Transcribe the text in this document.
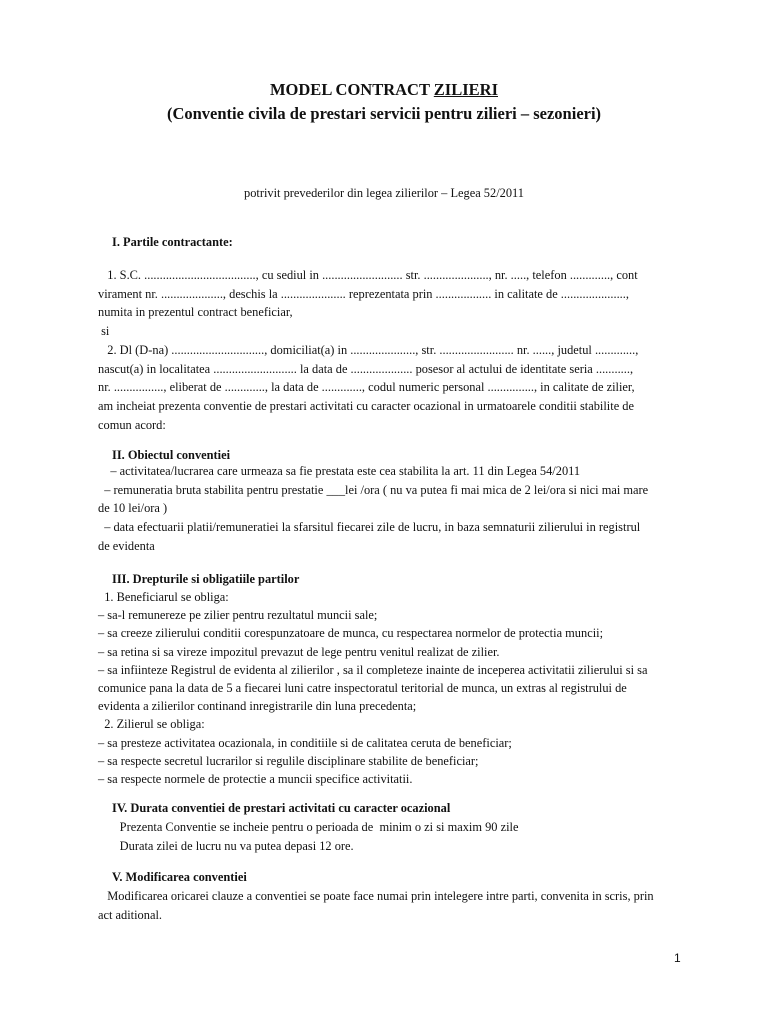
MODEL CONTRACT ZILIERI
(Conventie civila de prestari servicii pentru zilieri – sezonieri)
potrivit prevederilor din legea zilierilor – Legea 52/2011
I. Partile contractante:
1. S.C. ...................................., cu sediul in .......................... str. ....................., nr. ....., telefon ............., cont
virament nr. ...................., deschis la ..................... reprezentata prin .................. in calitate de .....................,
numita in prezentul contract beneficiar,
si
2. Dl (D-na) .............................., domiciliat(a) in ....................., str. ........................ nr. ......, judetul .............,
nascut(a) in localitatea ........................... la data de .................... posesor al actului de identitate seria ...........,
nr. ................, eliberat de ............., la data de ............., codul numeric personal ..............., in calitate de zilier,
am incheiat prezenta conventie de prestari activitati cu caracter ocazional in urmatoarele conditii stabilite de
comun acord:
II. Obiectul conventiei
– activitatea/lucrarea care urmeaza sa fie prestata este cea stabilita la art. 11 din Legea 54/2011
– remuneratia bruta stabilita pentru prestatie ___lei /ora ( nu va putea fi mai mica de 2 lei/ora si nici mai mare
de 10 lei/ora )
– data efectuarii platii/remuneratiei la sfarsitul fiecarei zile de lucru, in baza semnaturii zilierului in registrul
de evidenta
III. Drepturile si obligatiile partilor
1. Beneficiarul se obliga:
– sa-l remunereze pe zilier pentru rezultatul muncii sale;
– sa creeze zilierului conditii corespunzatoare de munca, cu respectarea normelor de protectia muncii;
– sa retina si sa vireze impozitul prevazut de lege pentru venitul realizat de zilier.
– sa infiinteze Registrul de evidenta al zilierilor , sa il completeze inainte de inceperea activitatii zilierului si sa
comunice pana la data de 5 a fiecarei luni catre inspectoratul teritorial de munca, un extras al registrului de
evidenta a zilierilor continand inregistrarile din luna precedenta;
2. Zilierul se obliga:
– sa presteze activitatea ocazionala, in conditiile si de calitatea ceruta de beneficiar;
– sa respecte secretul lucrarilor si regulile disciplinare stabilite de beneficiar;
– sa respecte normele de protectie a muncii specifice activitatii.
IV. Durata conventiei de prestari activitati cu caracter ocazional
Prezenta Conventie se incheie pentru o perioada de  minim o zi si maxim 90 zile
Durata zilei de lucru nu va putea depasi 12 ore.
V. Modificarea conventiei
Modificarea oricarei clauze a conventiei se poate face numai prin intelegere intre parti, convenita in scris, prin
act aditional.
1
